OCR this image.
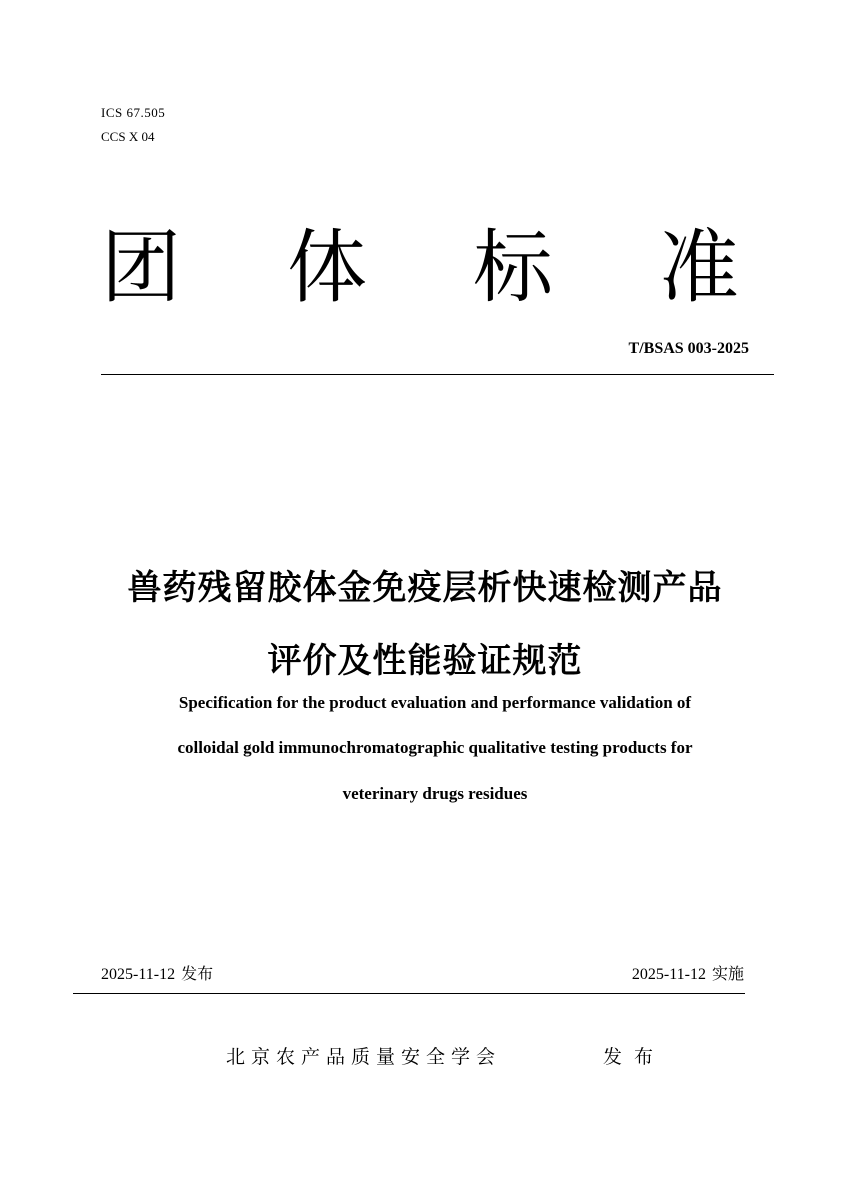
ICS 67.505
CCS X 04
团 体 标 准
T/BSAS 003-2025
兽药残留胶体金免疫层析快速检测产品
评价及性能验证规范
Specification for the product evaluation and performance validation of
colloidal gold immunochromatographic qualitative testing products for
veterinary drugs residues
2025-11-12 发布	2025-11-12 实施
北京农产品质量安全学会	发布
